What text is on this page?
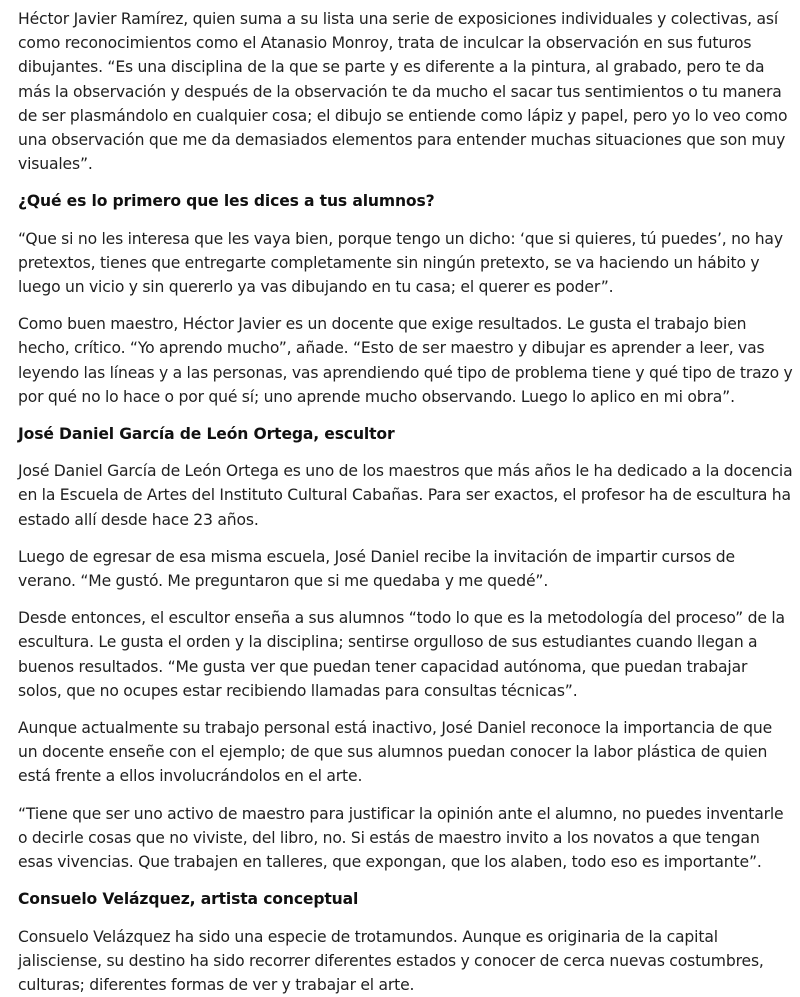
Héctor Javier Ramírez, quien suma a su lista una serie de exposiciones individuales y colectivas, así como reconocimientos como el Atanasio Monroy, trata de inculcar la observación en sus futuros dibujantes. “Es una disciplina de la que se parte y es diferente a la pintura, al grabado, pero te da más la observación y después de la observación te da mucho el sacar tus sentimientos o tu manera de ser plasmándolo en cualquier cosa; el dibujo se entiende como lápiz y papel, pero yo lo veo como una observación que me da demasiados elementos para entender muchas situaciones que son muy visuales”.

¿Qué es lo primero que les dices a tus alumnos?

“Que si no les interesa que les vaya bien, porque tengo un dicho: ‘que si quieres, tú puedes’, no hay pretextos, tienes que entregarte completamente sin ningún pretexto, se va haciendo un hábito y luego un vicio y sin quererlo ya vas dibujando en tu casa; el querer es poder”.

Como buen maestro, Héctor Javier es un docente que exige resultados. Le gusta el trabajo bien hecho, crítico. “Yo aprendo mucho”, añade. “Esto de ser maestro y dibujar es aprender a leer, vas leyendo las líneas y a las personas, vas aprendiendo qué tipo de problema tiene y qué tipo de trazo y por qué no lo hace o por qué sí; uno aprende mucho observando. Luego lo aplico en mi obra”.

José Daniel García de León Ortega, escultor

José Daniel García de León Ortega es uno de los maestros que más años le ha dedicado a la docencia en la Escuela de Artes del Instituto Cultural Cabañas. Para ser exactos, el profesor ha de escultura ha estado allí desde hace 23 años.

Luego de egresar de esa misma escuela, José Daniel recibe la invitación de impartir cursos de verano. “Me gustó. Me preguntaron que si me quedaba y me quedé”.

Desde entonces, el escultor enseña a sus alumnos “todo lo que es la metodología del proceso” de la escultura. Le gusta el orden y la disciplina; sentirse orgulloso de sus estudiantes cuando llegan a buenos resultados. “Me gusta ver que puedan tener capacidad autónoma, que puedan trabajar solos, que no ocupes estar recibiendo llamadas para consultas técnicas”.

Aunque actualmente su trabajo personal está inactivo, José Daniel reconoce la importancia de que un docente enseñe con el ejemplo; de que sus alumnos puedan conocer la labor plástica de quien está frente a ellos involucrándolos en el arte.

“Tiene que ser uno activo de maestro para justificar la opinión ante el alumno, no puedes inventarle o decirle cosas que no viviste, del libro, no. Si estás de maestro invito a los novatos a que tengan esas vivencias. Que trabajen en talleres, que expongan, que los alaben, todo eso es importante”.

Consuelo Velázquez, artista conceptual

Consuelo Velázquez ha sido una especie de trotamundos. Aunque es originaria de la capital jalisciense, su destino ha sido recorrer diferentes estados y conocer de cerca nuevas costumbres, culturas; diferentes formas de ver y trabajar el arte.
